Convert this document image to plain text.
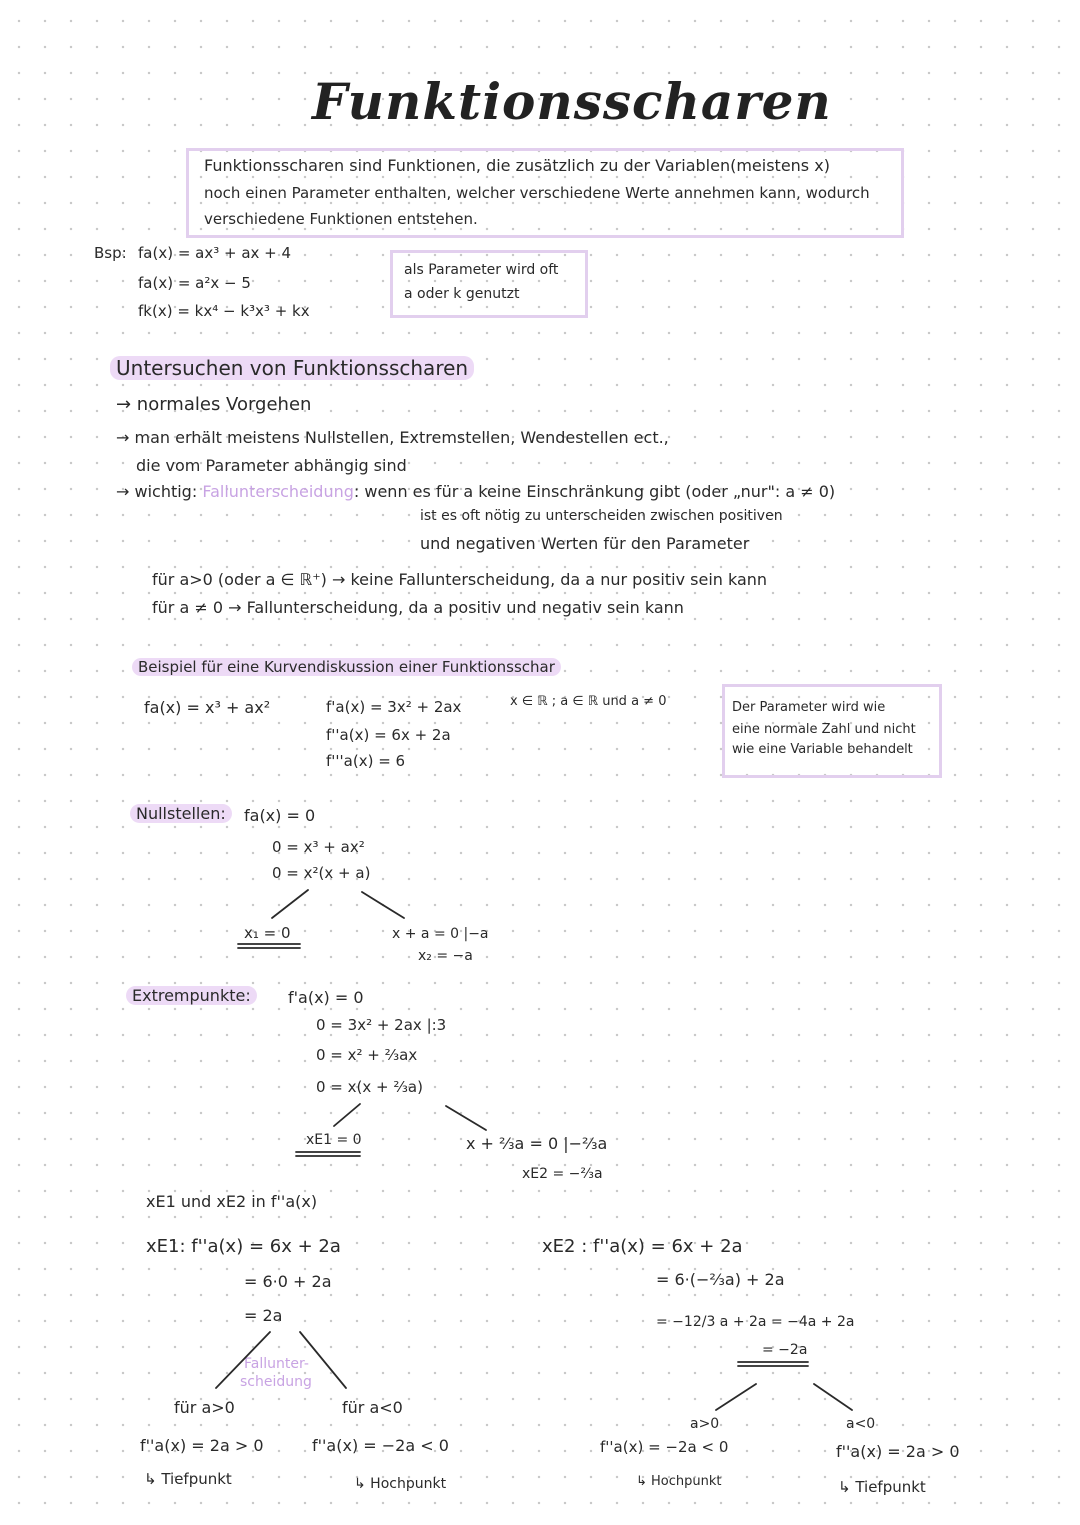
Funktionsscharen
Funktionsscharen sind Funktionen, die zusätzlich zu der Variablen(meistens x)
noch einen Parameter enthalten, welcher verschiedene Werte annehmen kann, wodurch
verschiedene Funktionen entstehen.
Bsp: fa(x) = ax³ + ax + 4
fa(x) = a²x − 5
fk(x) = kx⁴ − k³x³ + kx
als Parameter wird oft
a oder k genutzt
Untersuchen von Funktionsscharen
→ normales Vorgehen
→ man erhält meistens Nullstellen, Extremstellen, Wendestellen ect.,
die vom Parameter abhängig sind
→ wichtig: Fallunterscheidung: wenn es für a keine Einschränkung gibt (oder „nur": a ≠ 0)
ist es oft nötig zu unterscheiden zwischen positiven
und negativen Werten für den Parameter
für a>0 (oder a ∈ ℝ⁺) → keine Fallunterscheidung, da a nur positiv sein kann
für a ≠ 0 → Fallunterscheidung, da a positiv und negativ sein kann
Beispiel für eine Kurvendiskussion einer Funktionsschar
fa(x) = x³ + ax²	f'a(x) = 3x² + 2ax
f''a(x) = 6x + 2a
f'''a(x) = 6
x ∈ ℝ ; a ∈ ℝ und a ≠ 0	Der Parameter wird wie
eine normale Zahl und nicht
wie eine Variable behandelt
Nullstellen:	fa(x) = 0
0 = x³ + ax²
0 = x²(x + a)
x₁ = 0	x + a = 0 |−a
x₂ = −a
Extrempunkte:	f'a(x) = 0
0 = 3x² + 2ax |:3
0 = x² + ⅔ax
0 = x(x + ⅔a)
xE1 = 0	x + ⅔a = 0 |−⅔a
xE2 = −⅔a
xE1 und xE2 in f''a(x)
xE1: f''a(x) = 6x + 2a
= 6·0 + 2a
= 2a
Fallunter-
scheidung
für a>0	für a<0
f''a(x) = 2a > 0	f''a(x) = −2a < 0
↳ Tiefpunkt	↳ Hochpunkt
xE2 : f''a(x) = 6x + 2a
= 6·(−⅔a) + 2a
= −12/3 a + 2a = −4a + 2a
= −2a
a>0	a<0
f''a(x) = −2a < 0	f''a(x) = 2a > 0
↳ Hochpunkt	↳ Tiefpunkt
